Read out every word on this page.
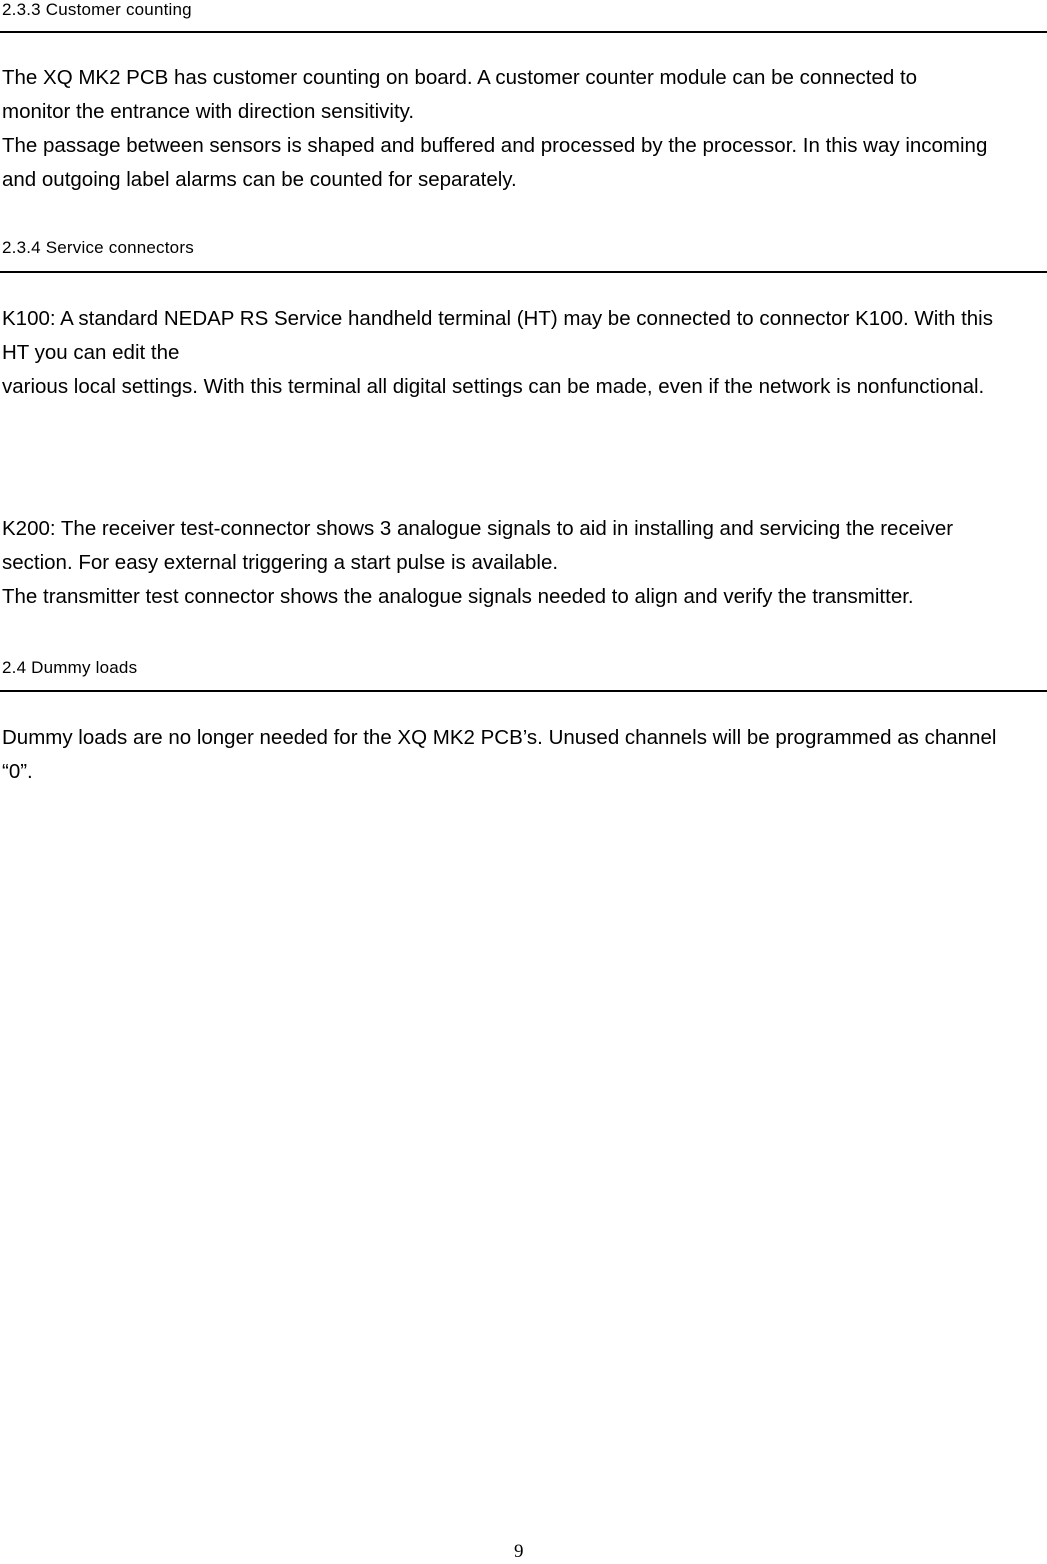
2.3.3 Customer counting

The XQ MK2 PCB has customer counting on board. A customer counter module can be connected to
monitor the entrance with direction sensitivity.

The passage between sensors is shaped and buffered and processed by the processor. In this way incoming
and outgoing label alarms can be counted for separately.

2.3.4 Service connectors

K100: A standard NEDAP RS Service handheld terminal (HT) may be connected to connector K100. With this
HT you can edit the

various local settings. With this terminal all digital settings can be made, even if the network is nonfunctional.

K200: The receiver test-connector shows 3 analogue signals to aid in installing and servicing the receiver
section. For easy external triggering a start pulse is available.

The transmitter test connector shows the analogue signals needed to align and verify the transmitter.

2.4 Dummy loads

Dummy loads are no longer needed for the XQ MK2 PCB’s. Unused channels will be programmed as channel
“0”.

9
